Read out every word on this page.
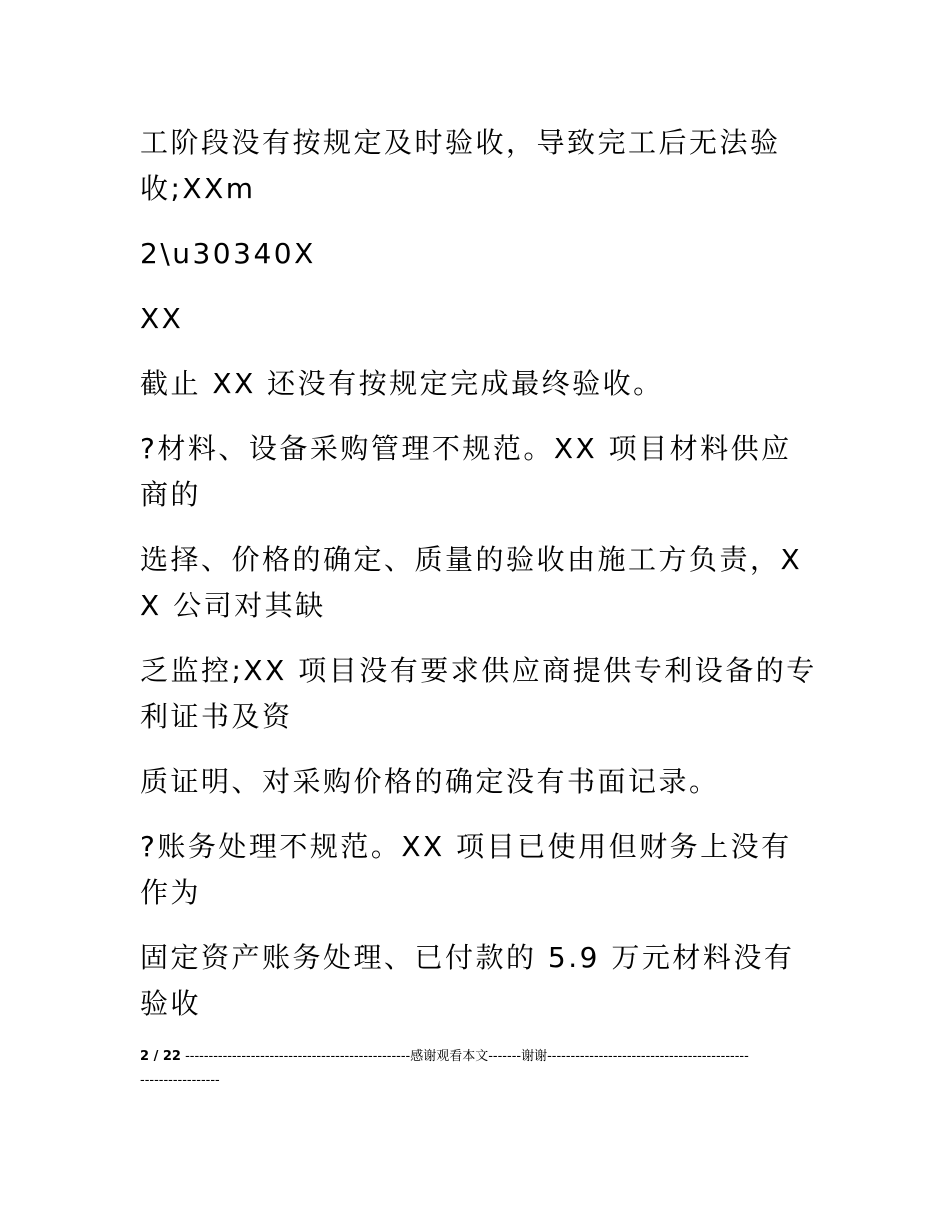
工阶段没有按规定及时验收，导致完工后无法验收;XXm

2\u30340X

XX

截止 XX 还没有按规定完成最终验收。

?材料、设备采购管理不规范。XX 项目材料供应商的

选择、价格的确定、质量的验收由施工方负责，XX 公司对其缺

乏监控;XX 项目没有要求供应商提供专利设备的专利证书及资

质证明、对采购价格的确定没有书面记录。

?账务处理不规范。XX 项目已使用但财务上没有作为

固定资产账务处理、已付款的 5.9 万元材料没有验收

2 / 22 ------------------------------------------------感谢观看本文-------谢谢------------------------------------------------------------
